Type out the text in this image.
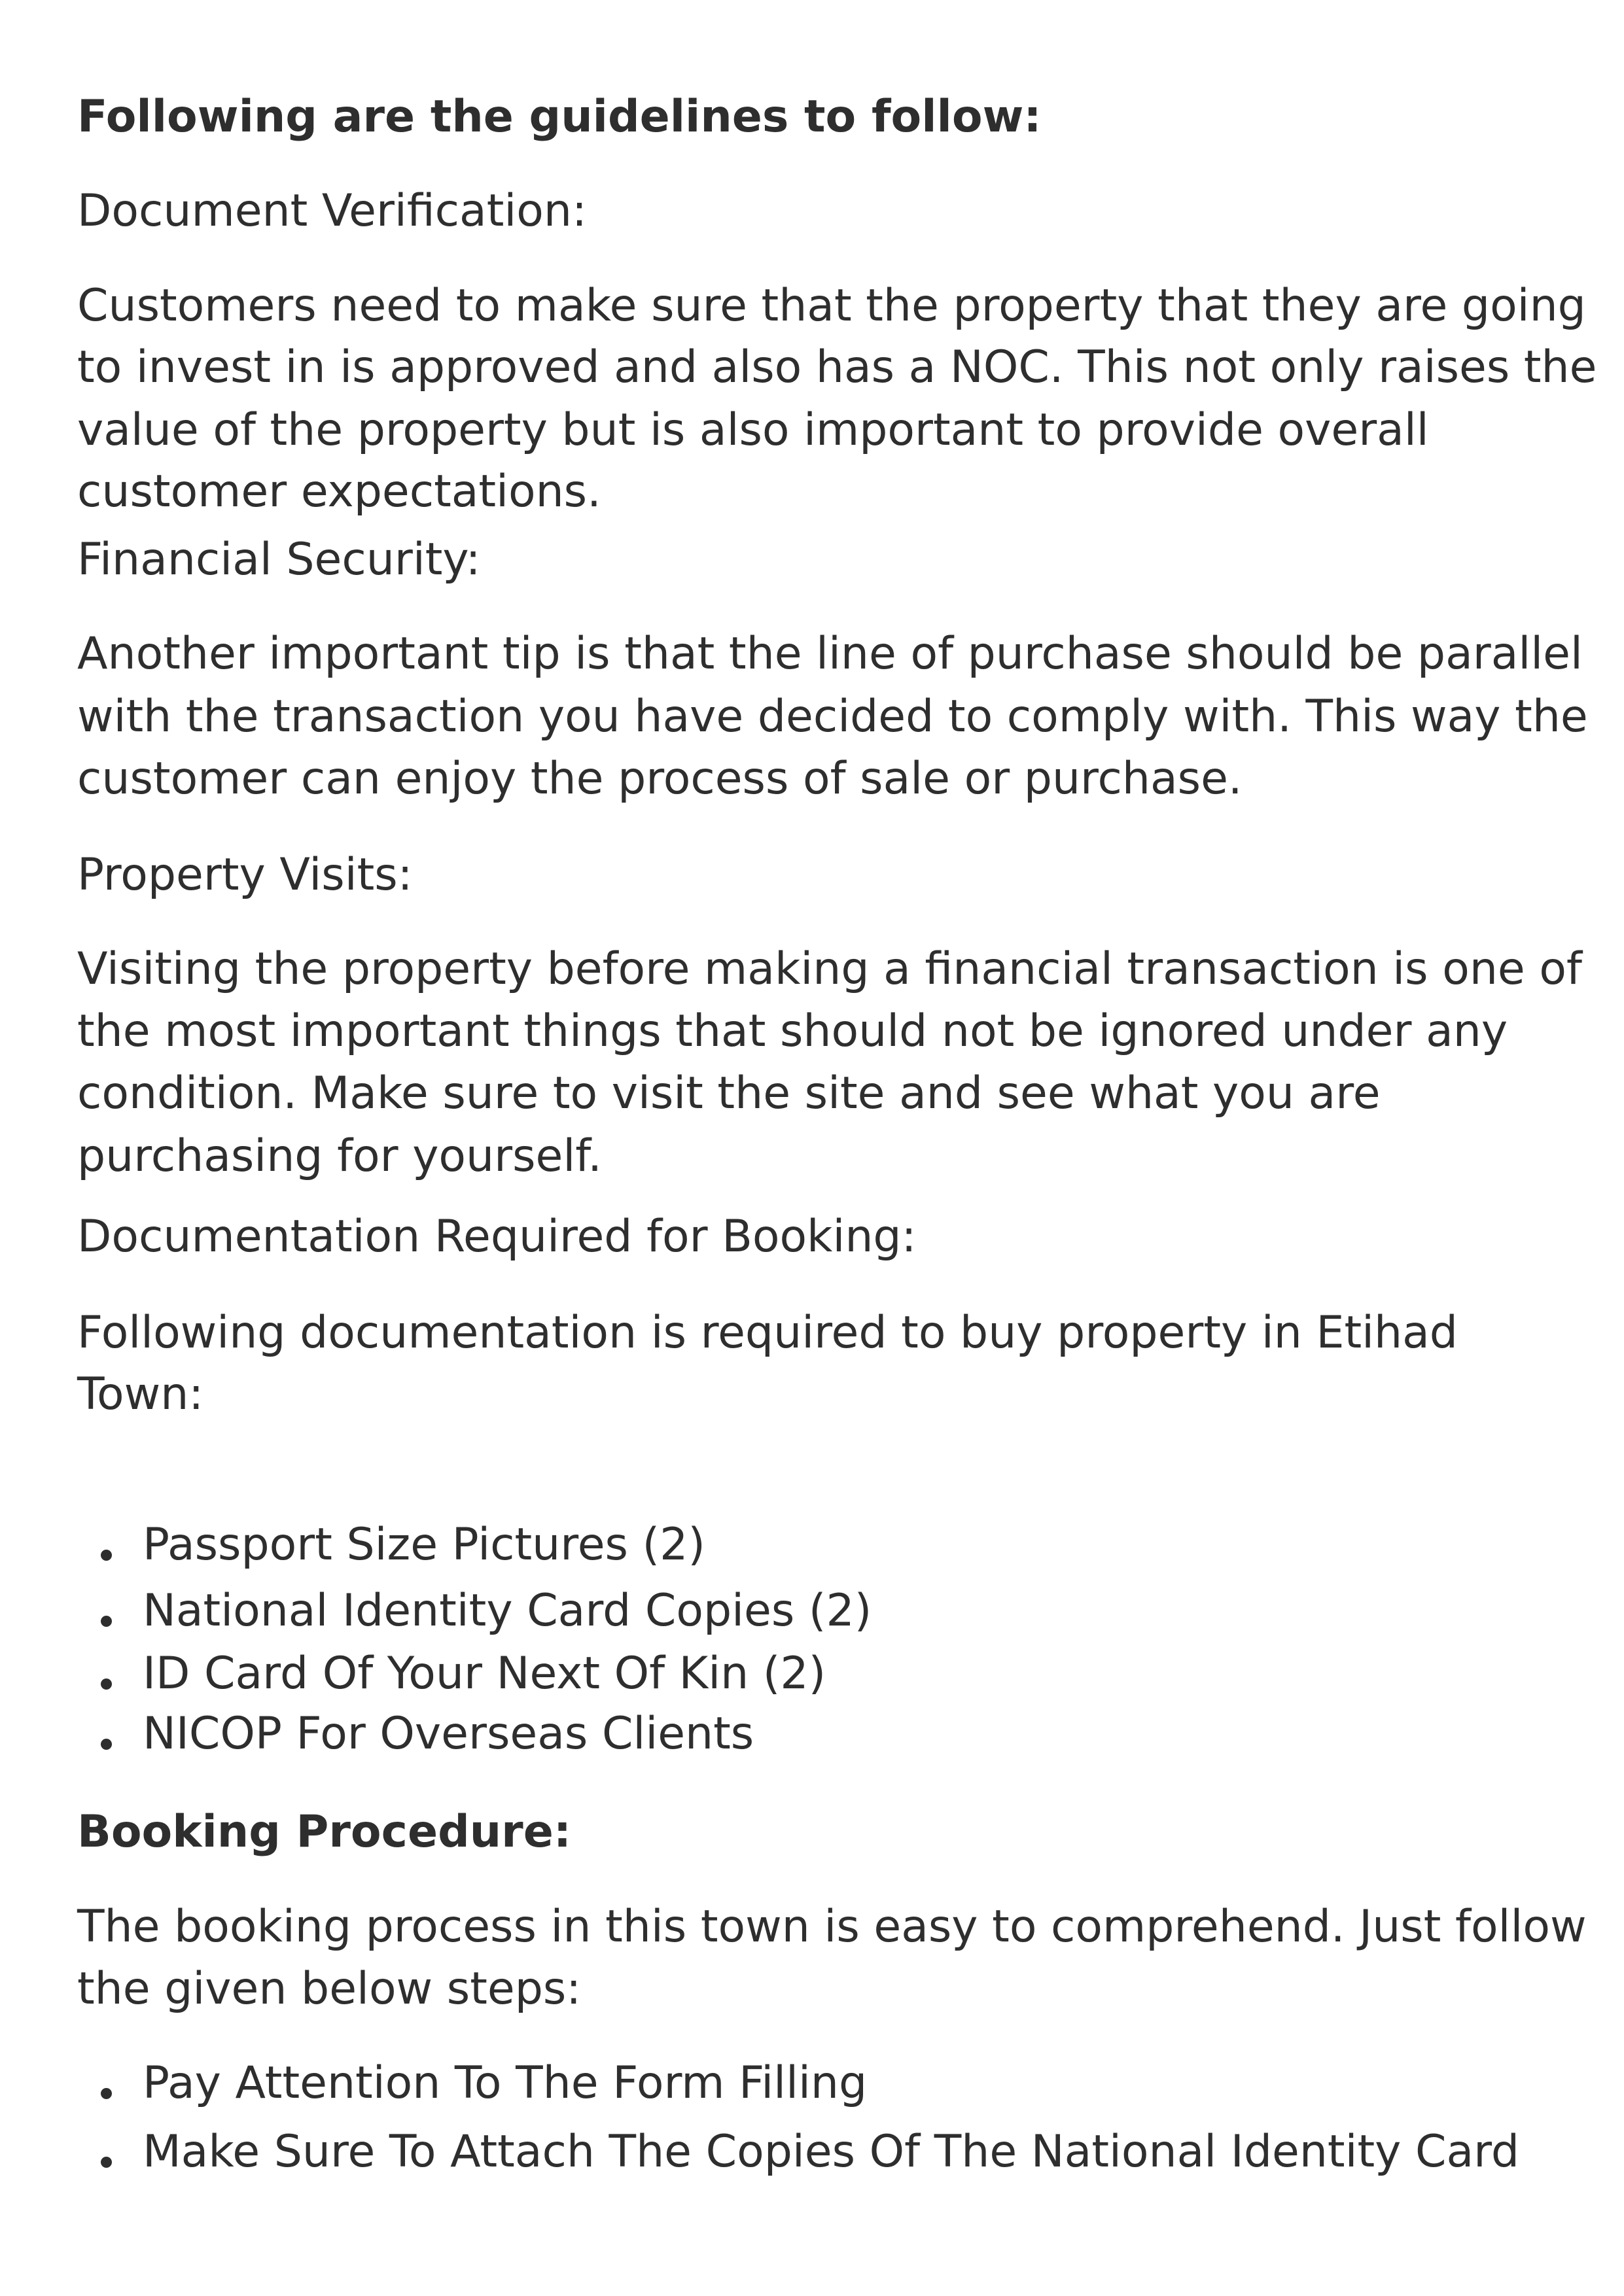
Following are the guidelines to follow:

Document Verification:

Customers need to make sure that the property that they are going

to invest in is approved and also has a NOC. This not only raises the

value of the property but is also important to provide overall

customer expectations.

Financial Security:

Another important tip is that the line of purchase should be parallel

with the transaction you have decided to comply with. This way the

customer can enjoy the process of sale or purchase.

Property Visits:

Visiting the property before making a financial transaction is one of

the most important things that should not be ignored under any

condition. Make sure to visit the site and see what you are

purchasing for yourself.

Documentation Required for Booking:

Following documentation is required to buy property in Etihad

Town:

Passport Size Pictures (2)

National Identity Card Copies (2)

ID Card Of Your Next Of Kin (2)

NICOP For Overseas Clients

Booking Procedure:

The booking process in this town is easy to comprehend. Just follow

the given below steps:

Pay Attention To The Form Filling

Make Sure To Attach The Copies Of The National Identity Card
